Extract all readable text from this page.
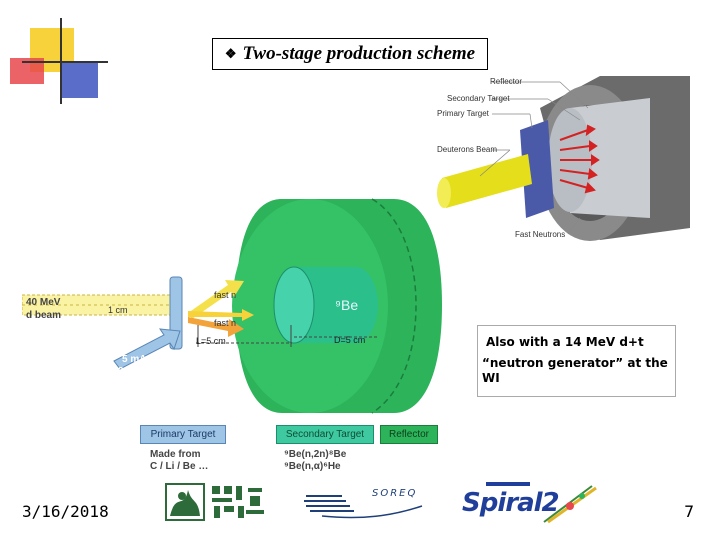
❖ Two-stage production scheme
Reflector
Secondary Target
Primary Target
Deuterons Beam
Fast Neutrons
40 MeV
d beam	1 cm
fast n
fast n
L=5 cm
⁹Be
D=5 cm
5 mA
200 kW
Primary Target	Secondary Target	Reflector
Made from
C / Li / Be …
⁹Be(n,2n)⁸Be
⁹Be(n,α)⁶He
Also with a 14 MeV d+t
“neutron generator” at the
WI
3/16/2018	7
SOREQ Spiral2
